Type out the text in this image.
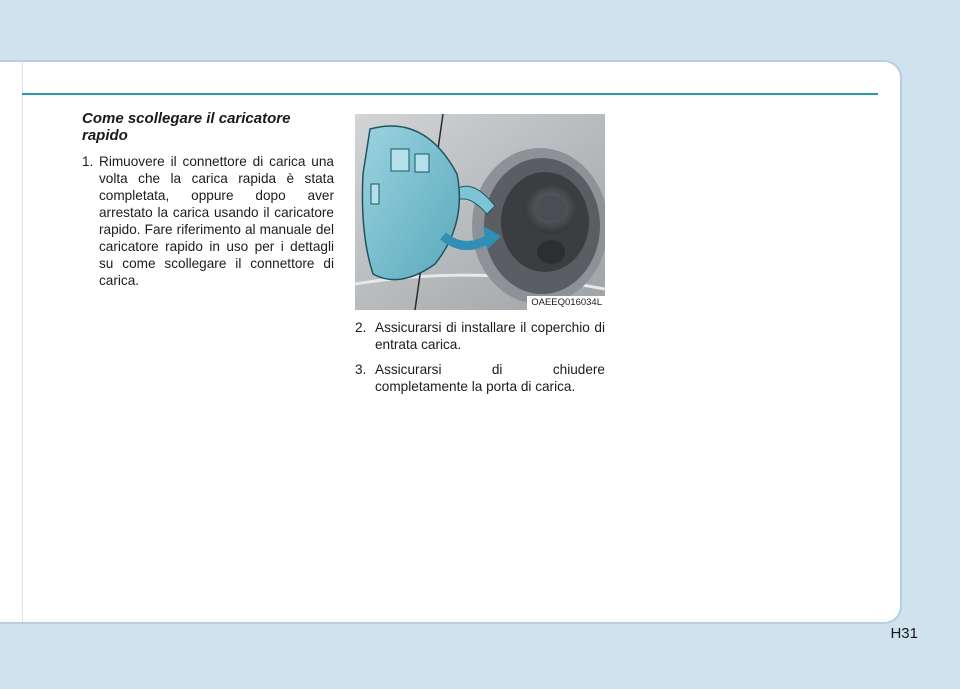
Come scollegare il caricatore rapido
1. Rimuovere il connettore di carica una volta che la carica rapida è stata completata, oppure dopo aver arrestato la carica usando il caricatore rapido. Fare riferimento al manuale del caricatore rapido in uso per i dettagli su come scollegare il connettore di carica.
OAEEQ016034L
2. Assicurarsi di installare il coperchio di entrata carica.
3. Assicurarsi di chiudere completamente la porta di carica.
H31
